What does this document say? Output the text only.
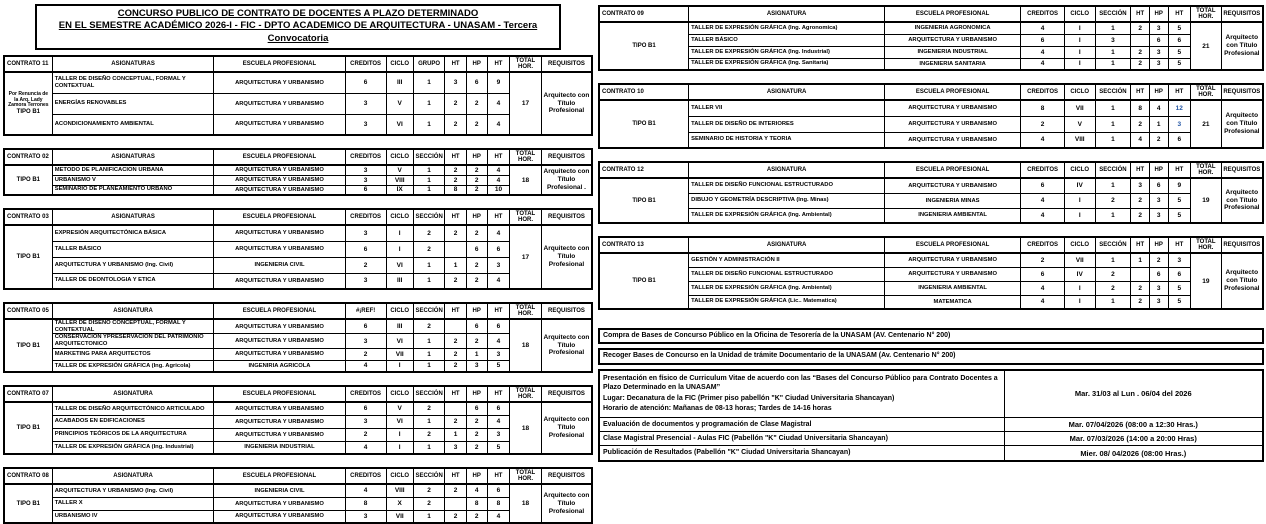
CONCURSO PUBLICO DE CONTRATO DE DOCENTES A PLAZO DETERMINADO
EN EL SEMESTRE ACADÉMICO 2026-I - FIC - DPTO ACADEMICO DE ARQUITECTURA - UNASAM - Tercera Convocatoria
CONTRATO 11	ASIGNATURAS	ESCUELA PROFESIONAL	CREDITOS	CICLO	GRUPO	HT	HP	HT	TOTAL HOR.	REQUISITOS

Por Renuncia de la Arq. Lady Zamora Terrones
TIPO B1	TALLER DE DISEÑO CONCEPTUAL, FORMAL Y CONTEXTUAL	ARQUITECTURA Y URBANISMO	6	III	1	3	6	9	17	Arquitecto con Título Profesional
	ENERGÍAS RENOVABLES	ARQUITECTURA Y URBANISMO	3	V	1	2	2	4		
	ACONDICIONAMIENTO AMBIENTAL	ARQUITECTURA Y URBANISMO	3	VI	1	2	2	4		
CONTRATO 02	ASIGNATURAS	ESCUELA PROFESIONAL	CREDITOS	CICLO	SECCIÓN	HT	HP	HT	TOTAL HOR.	REQUISITOS

TIPO B1	METODO DE PLANIFICACION URBANA	ARQUITECTURA Y URBANISMO	3	V	1	2	2	4	18	Arquitecto con Título Profesional .
	URBANISMO V	ARQUITECTURA Y URBANISMO	3	VIII	1	2	2	4		
	SEMINARIO DE PLANEAMIENTO URBANO	ARQUITECTURA Y URBANISMO	6	IX	1	8	2	10		
CONTRATO 03	ASIGNATURAS	ESCUELA PROFESIONAL	CREDITOS	CICLO	SECCIÓN	HT	HP	HT	TOTAL HOR.	REQUISITOS

TIPO B1	EXPRESIÓN ARQUITECTÓNICA BÁSICA	ARQUITECTURA Y URBANISMO	3	I	2	2	2	4	17	Arquitecto con Título Profesional
	TALLER BÁSICO	ARQUITECTURA Y URBANISMO	6	I	2		6	6		
	ARQUITECTURA Y URBANISMO (Ing. Civil)	INGENIERIA CIVIL	2	VI	1	1	2	3		
	TALLER DE DEONTOLOGIA Y ETICA	ARQUITECTURA Y URBANISMO	3	III	1	2	2	4		
CONTRATO 05	ASIGNATURA	ESCUELA PROFESIONAL	#¡REF!	CICLO	SECCIÓN	HT	HP	HT	TOTAL HOR.	REQUISITOS

TIPO B1	TALLER DE DISEÑO CONCEPTUAL, FORMAL Y CONTEXTUAL	ARQUITECTURA Y URBANISMO	6	III	2		6	6	18	Arquitecto con Título Profesional
	CONSERVACIÓN YPRESERVACIÓN DEL PATRIMONIO ARQUITECTONICO	ARQUITECTURA Y URBANISMO	3	VI	1	2	2	4		
	MARKETING PARA ARQUITECTOS	ARQUITECTURA Y URBANISMO	2	VII	1	2	1	3		
	TALLER DE EXPRESIÓN GRÁFICA (Ing. Agricola)	INGENIRIA AGRICOLA	4	I	1	2	3	5		
CONTRATO 07	ASIGNATURA	ESCUELA PROFESIONAL	CREDITOS	CICLO	SECCIÓN	HT	HP	HT	TOTAL HOR.	REQUISITOS

TIPO B1	TALLER DE DISEÑO ARQUITECTÓNICO ARTICULADO	ARQUITECTURA Y URBANISMO	6	V	2		6	6	18	Arquitecto con Título Profesional
	ACABADOS EN EDIFICACIONES	ARQUITECTURA Y URBANISMO	3	VI	1	2	2	4		
	PRINCIPIOS TEÓRICOS DE LA ARQUITECTURA	ARQUITECTURA Y URBANISMO	2	I	2	1	2	3		
	TALLER DE EXPRESIÓN GRÁFICA (Ing. Industrial)	INGENIERIA INDUSTRIAL	4	I	1	3	2	5		
CONTRATO 08	ASIGNATURA	ESCUELA PROFESIONAL	CREDITOS	CICLO	SECCIÓN	HT	HP	HT	TOTAL HOR.	REQUISITOS

TIPO B1	ARQUITECTURA Y URBANISMO (Ing. Civil)	INGENIERIA CIVIL	4	VIII	2	2	4	6	18	Arquitecto con Título Profesional
	TALLER X	ARQUITECTURA Y URBANISMO	8	X	2		8	8		
	URBANISMO IV	ARQUITECTURA Y URBANISMO	3	VII	1	2	2	4		
CONTRATO 09	ASIGNATURA	ESCUELA PROFESIONAL	CREDITOS	CICLO	SECCIÓN	HT	HP	HT	TOTAL HOR.	REQUISITOS

TIPO B1	TALLER DE EXPRESIÓN GRÁFICA (Ing. Agronomica)	INGENIERIA AGRONOMICA	4	I	1	2	3	5	21	Arquitecto con Título Profesional
	TALLER BÁSICO	ARQUITECTURA Y URBANISMO	6	I	3		6	6		
	TALLER DE EXPRESIÓN GRÁFICA (Ing. Industrial)	INGENIERIA INDUSTRIAL	4	I	1	2	3	5		
	TALLER DE EXPRESIÓN GRÁFICA (Ing. Sanitaria)	INGENIERIA SANITARIA	4	I	1	2	3	5		
CONTRATO 10	ASIGNATURA	ESCUELA PROFESIONAL	CREDITOS	CICLO	SECCIÓN	HT	HP	HT	TOTAL HOR.	REQUISITOS

TIPO B1	TALLER VII	ARQUITECTURA Y URBANISMO	8	VII	1	8	4	12	21	Arquitecto con Título Profesional
	TALLER DE DISEÑO DE INTERIORES	ARQUITECTURA Y URBANISMO	2	V	1	2	1	3		
	SEMINARIO DE HISTORIA Y TEORIA	ARQUITECTURA Y URBANISMO	4	VIII	1	4	2	6		
CONTRATO 12	ASIGNATURA	ESCUELA PROFESIONAL	CREDITOS	CICLO	SECCIÓN	HT	HP	HT	TOTAL HOR.	REQUISITOS

TIPO B1	TALLER DE DISEÑO FUNCIONAL ESTRUCTURADO	ARQUITECTURA Y URBANISMO	6	IV	1	3	6	9	19	Arquitecto con Título Profesional
	DIBUJO Y GEOMETRÍA DESCRIPTIVA (Ing. Minas)	INGENIERIA MINAS	4	I	2	2	3	5		
	TALLER DE EXPRESIÓN GRÁFICA (Ing. Ambiental)	INGENIERIA AMBIENTAL	4	I	1	2	3	5		
CONTRATO 13	ASIGNATURA	ESCUELA PROFESIONAL	CREDITOS	CICLO	SECCIÓN	HT	HP	HT	TOTAL HOR.	REQUISITOS

TIPO B1	GESTIÓN Y ADMINISTRACIÓN II	ARQUITECTURA Y URBANISMO	2	VII	1	1	2	3	19	Arquitecto con Título Profesional
	TALLER DE DISEÑO FUNCIONAL ESTRUCTURADO	ARQUITECTURA Y URBANISMO	6	IV	2		6	6		
	TALLER DE EXPRESIÓN GRÁFICA (Ing. Ambiental)	INGENIERIA AMBIENTAL	4	I	2	2	3	5		
	TALLER DE EXPRESIÓN GRÁFICA (Lic.. Matematica)	MATEMATICA	4	I	1	2	3	5		
Compra de Bases de Concurso Público en la Oficina de Tesorería de la UNASAM (AV. Centenario N° 200)
Recoger Bases de Concurso en la Unidad de trámite Documentario de la UNASAM (Av. Centenario N° 200)
Presentación en físico de Curriculum Vitae de acuerdo con las “Bases del Concurso Público para Contrato Docentes a Plazo Determinado en la UNASAM”
Lugar: Decanatura de la FIC (Primer piso pabellón "K" Ciudad Universitaria Shancayan)
Horario de atención: Mañanas de 08-13 horas; Tardes de 14-16 horas	Mar. 31/03 al Lun . 06/04 del 2026
Evaluación de documentos y programación de Clase Magistral	Mar. 07/04/2026 (08:00 a 12:30 Hras.)
Clase Magistral Presencial - Aulas FIC (Pabellón "K" Ciudad Universitaria Shancayan)	Mar. 07/03/2026 (14:00 a 20:00 Hras)
Publicación de Resultados (Pabellón "K" Ciudad Universitaria Shancayan)	Mier. 08/ 04/2026 (08:00 Hras.)
